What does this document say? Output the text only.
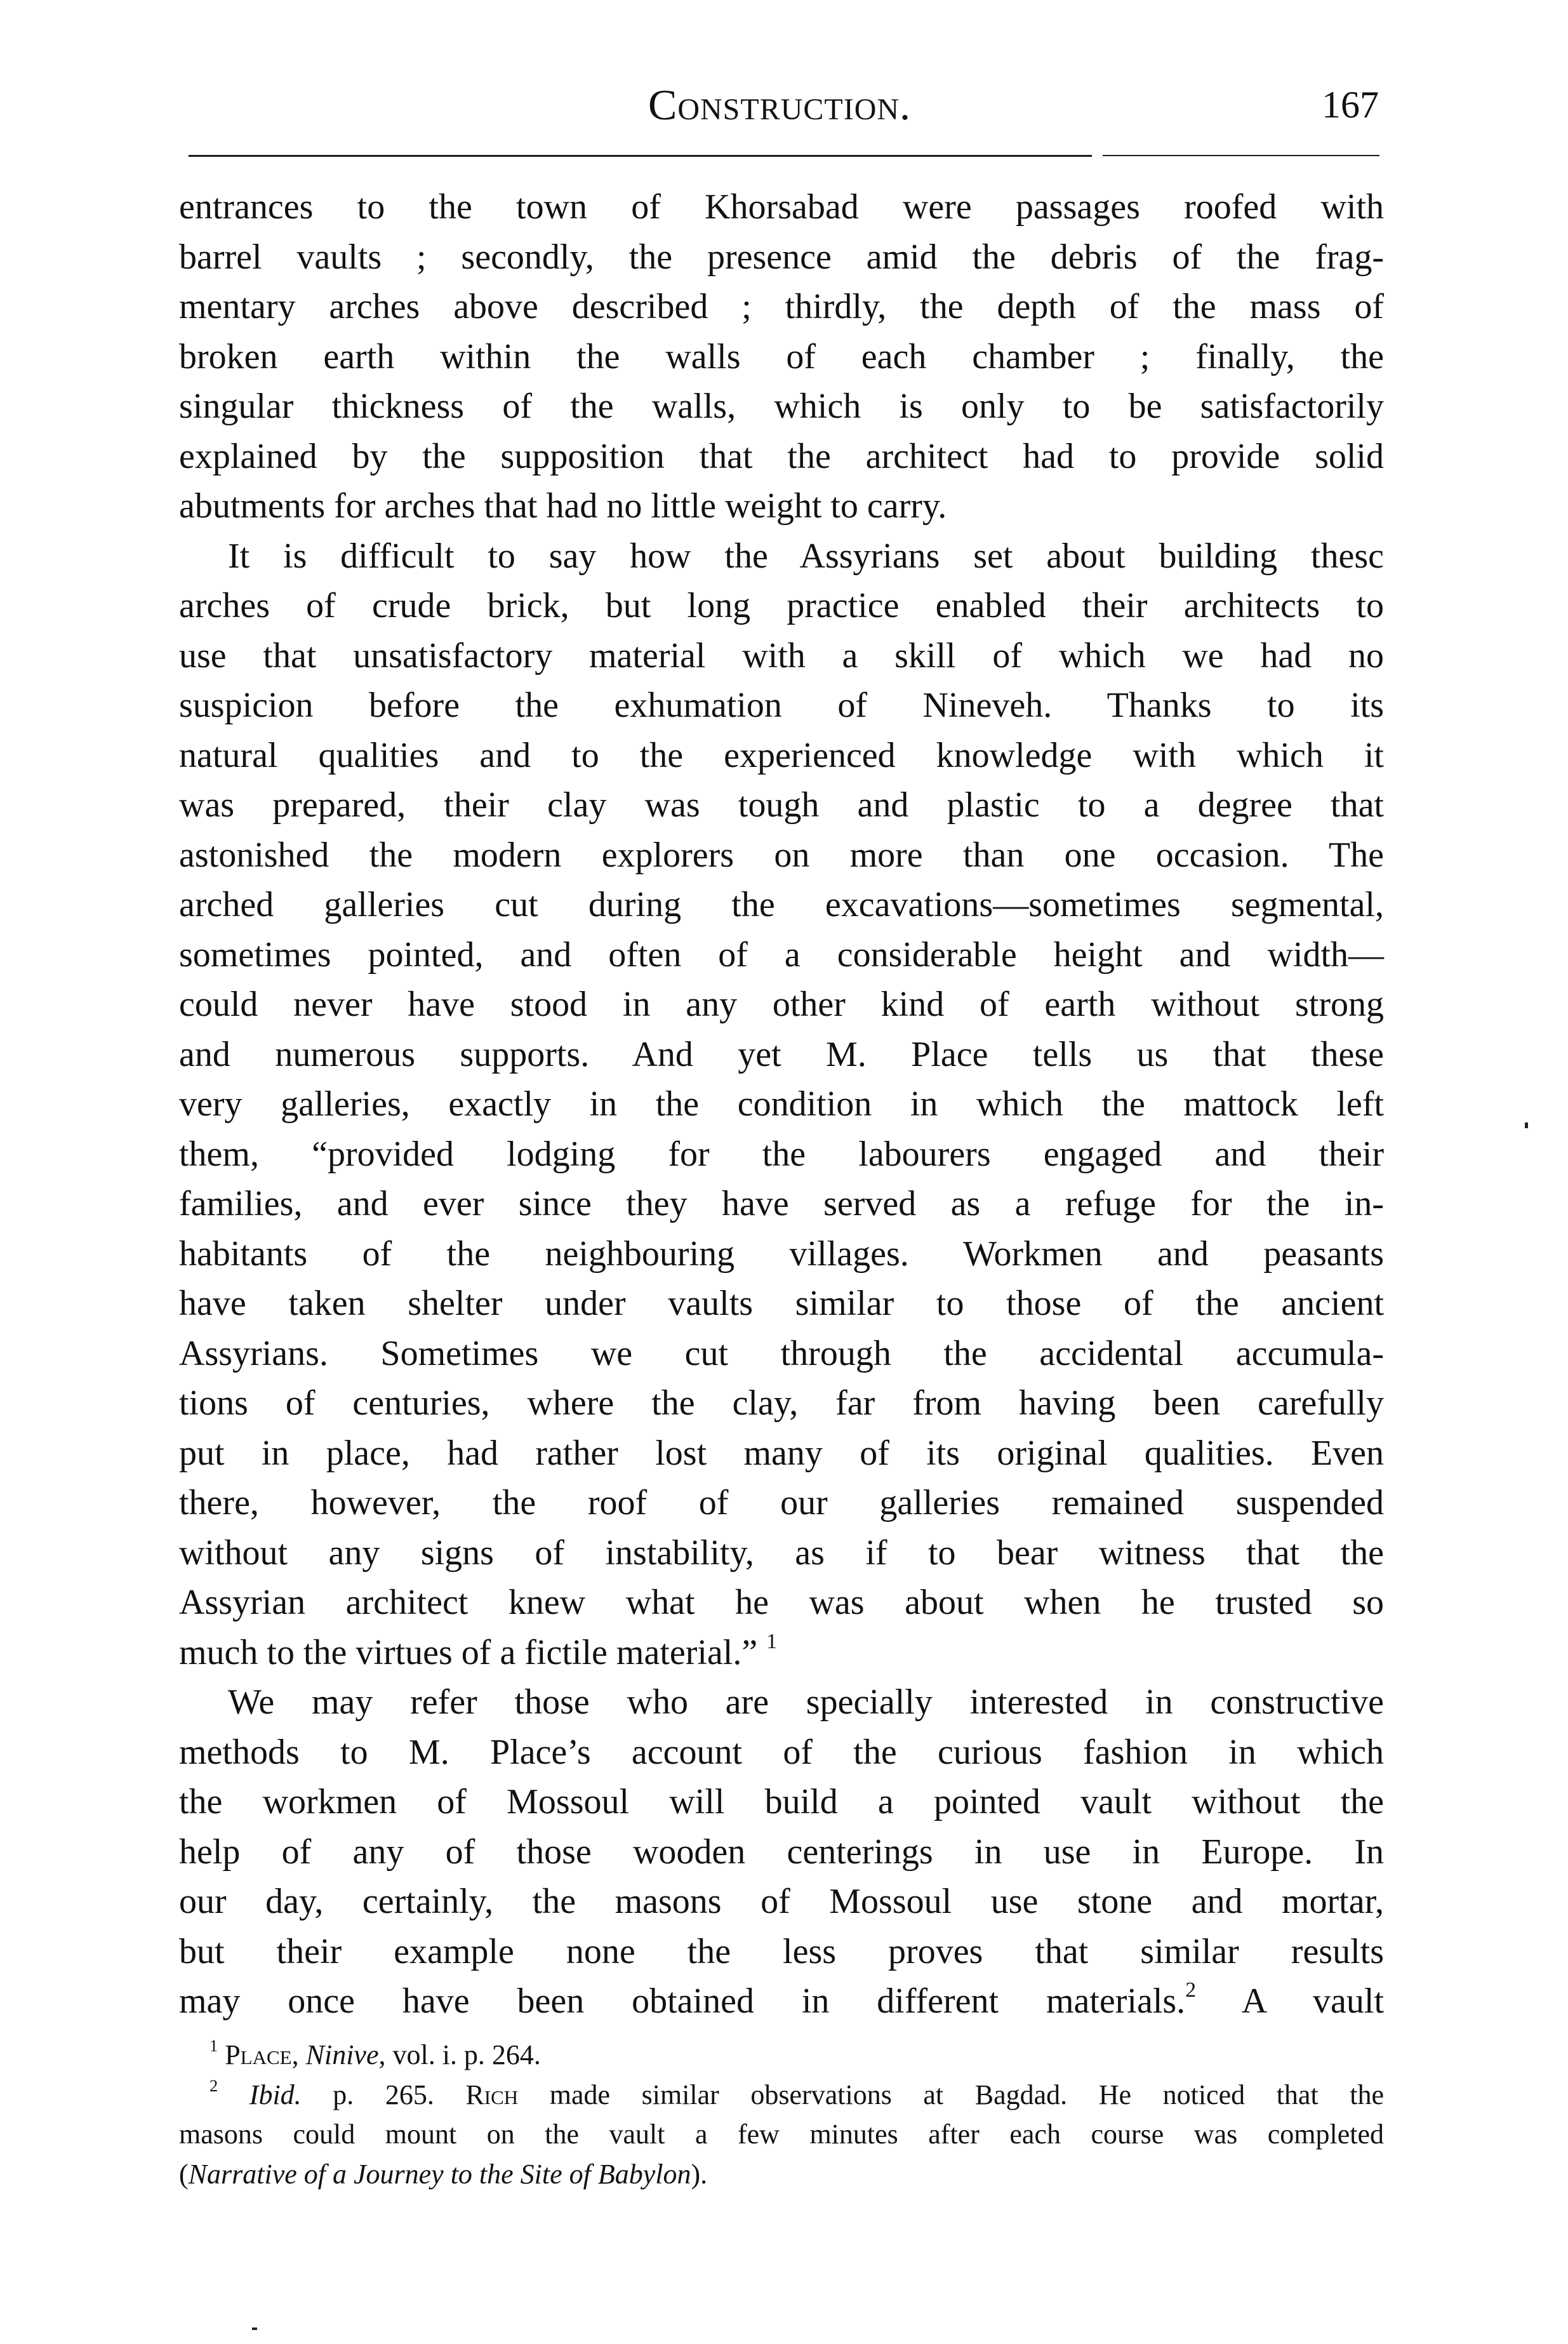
Construction.	167
entrances to the town of Khorsabad were passages roofed with
barrel vaults ; secondly, the presence amid the debris of the frag-
mentary arches above described ; thirdly, the depth of the mass of
broken earth within the walls of each chamber ; finally, the
singular thickness of the walls, which is only to be satisfactorily
explained by the supposition that the architect had to provide solid
abutments for arches that had no little weight to carry.
It is difficult to say how the Assyrians set about building thesc
arches of crude brick, but long practice enabled their architects to
use that unsatisfactory material with a skill of which we had no
suspicion before the exhumation of Nineveh. Thanks to its
natural qualities and to the experienced knowledge with which it
was prepared, their clay was tough and plastic to a degree that
astonished the modern explorers on more than one occasion. The
arched galleries cut during the excavations—sometimes segmental,
sometimes pointed, and often of a considerable height and width—
could never have stood in any other kind of earth without strong
and numerous supports. And yet M. Place tells us that these
very galleries, exactly in the condition in which the mattock left
them, “provided lodging for the labourers engaged and their
families, and ever since they have served as a refuge for the in-
habitants of the neighbouring villages. Workmen and peasants
have taken shelter under vaults similar to those of the ancient
Assyrians. Sometimes we cut through the accidental accumula-
tions of centuries, where the clay, far from having been carefully
put in place, had rather lost many of its original qualities. Even
there, however, the roof of our galleries remained suspended
without any signs of instability, as if to bear witness that the
Assyrian architect knew what he was about when he trusted so
much to the virtues of a fictile material.” $^1$
We may refer those who are specially interested in constructive
methods to M. Place’s account of the curious fashion in which
the workmen of Mossoul will build a pointed vault without the
help of any of those wooden centerings in use in Europe. In
our day, certainly, the masons of Mossoul use stone and mortar,
but their example none the less proves that similar results
may once have been obtained in different materials.$^2$ A vault
$^1$ Place, Ninive, vol. i. p. 264.
$^2$ Ibid. p. 265. Rich made similar observations at Bagdad. He noticed that the
masons could mount on the vault a few minutes after each course was completed
(Narrative of a Journey to the Site of Babylon).
